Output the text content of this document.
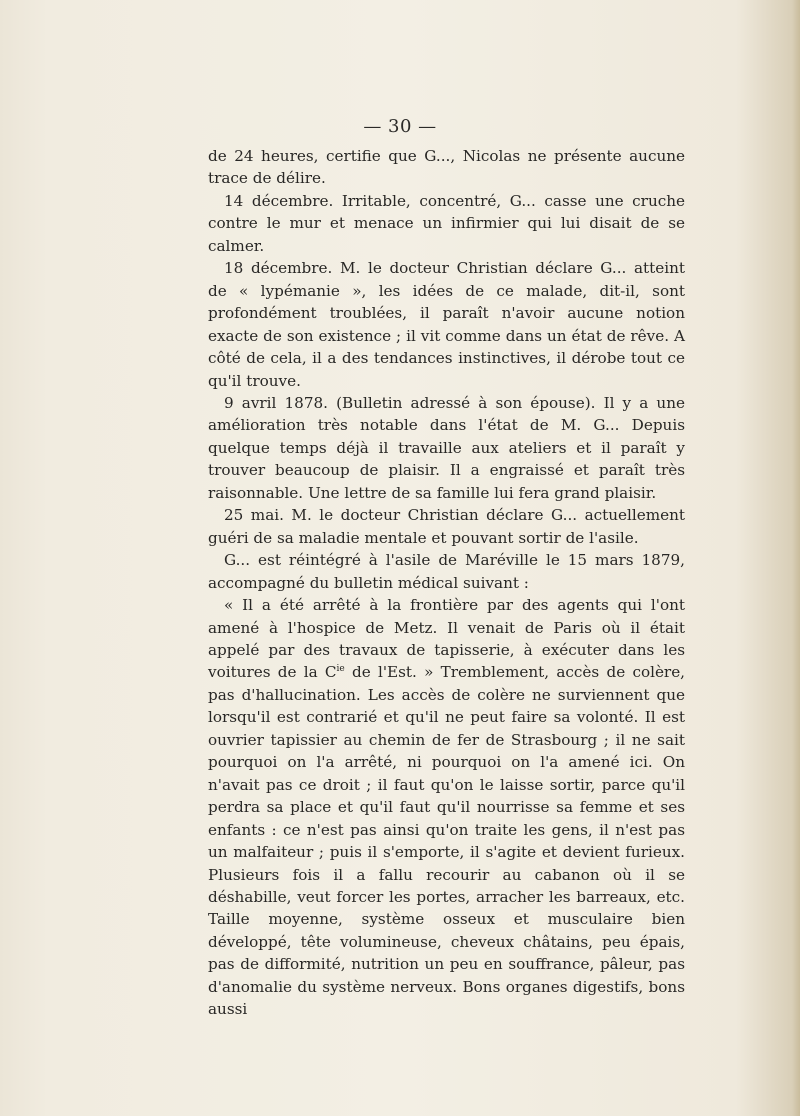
— 30 —

de 24 heures, certifie que G..., Nicolas ne présente aucune trace de délire.

14 décembre. Irritable, concentré, G... casse une cruche contre le mur et menace un infirmier qui lui disait de se calmer.

18 décembre. M. le docteur Christian déclare G... atteint de « lypémanie », les idées de ce malade, dit-il, sont profondément troublées, il paraît n'avoir aucune notion exacte de son existence ; il vit comme dans un état de rêve. A côté de cela, il a des tendances instinctives, il dérobe tout ce qu'il trouve.

9 avril 1878. (Bulletin adressé à son épouse). Il y a une amélioration très notable dans l'état de M. G... Depuis quelque temps déjà il travaille aux ateliers et il paraît y trouver beaucoup de plaisir. Il a engraissé et paraît très raisonnable. Une lettre de sa famille lui fera grand plaisir.

25 mai. M. le docteur Christian déclare G... actuellement guéri de sa maladie mentale et pouvant sortir de l'asile.

G... est réintégré à l'asile de Maréville le 15 mars 1879, accompagné du bulletin médical suivant :

« Il a été arrêté à la frontière par des agents qui l'ont amené à l'hospice de Metz. Il venait de Paris où il était appelé par des travaux de tapisserie, à exécuter dans les voitures de la $C^{ie}$ de l'Est. » Tremblement, accès de colère, pas d'hallucination. Les accès de colère ne surviennent que lorsqu'il est contrarié et qu'il ne peut faire sa volonté. Il est ouvrier tapissier au chemin de fer de Strasbourg ; il ne sait pourquoi on l'a arrêté, ni pourquoi on l'a amené ici. On n'avait pas ce droit ; il faut qu'on le laisse sortir, parce qu'il perdra sa place et qu'il faut qu'il nourrisse sa femme et ses enfants : ce n'est pas ainsi qu'on traite les gens, il n'est pas un malfaiteur ; puis il s'emporte, il s'agite et devient furieux. Plusieurs fois il a fallu recourir au cabanon où il se déshabille, veut forcer les portes, arracher les barreaux, etc. Taille moyenne, système osseux et musculaire bien développé, tête volumineuse, cheveux châtains, peu épais, pas de difformité, nutrition un peu en souffrance, pâleur, pas d'anomalie du système nerveux. Bons organes digestifs, bons aussi
